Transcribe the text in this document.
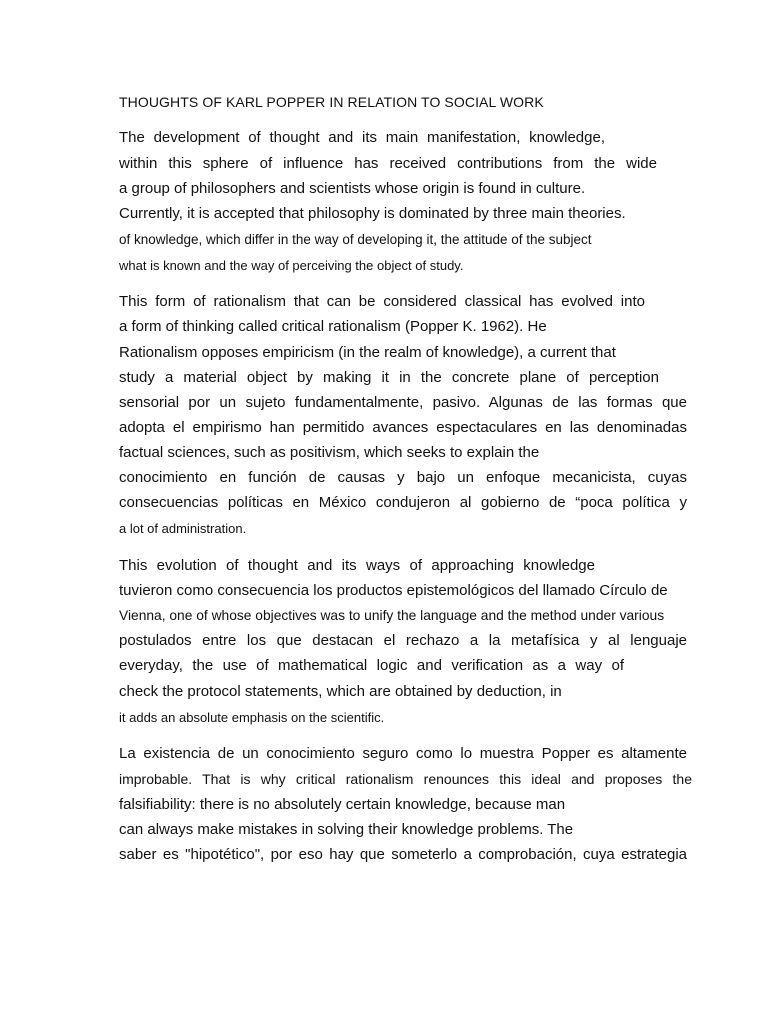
THOUGHTS OF KARL POPPER IN RELATION TO SOCIAL WORK
The development of thought and its main manifestation, knowledge,
within this sphere of influence has received contributions from the wide
a group of philosophers and scientists whose origin is found in culture.
Currently, it is accepted that philosophy is dominated by three main theories.
of knowledge, which differ in the way of developing it, the attitude of the subject
what is known and the way of perceiving the object of study.
This form of rationalism that can be considered classical has evolved into
a form of thinking called critical rationalism (Popper K. 1962). He
Rationalism opposes empiricism (in the realm of knowledge), a current that
study a material object by making it in the concrete plane of perception
sensorial por un sujeto fundamentalmente, pasivo. Algunas de las formas que
adopta el empirismo han permitido avances espectaculares en las denominadas
factual sciences, such as positivism, which seeks to explain the
conocimiento en función de causas y bajo un enfoque mecanicista, cuyas
consecuencias políticas en México condujeron al gobierno de “poca política y
a lot of administration.
This evolution of thought and its ways of approaching knowledge
tuvieron como consecuencia los productos epistemológicos del llamado Círculo de
Vienna, one of whose objectives was to unify the language and the method under various
postulados entre los que destacan el rechazo a la metafísica y al lenguaje
everyday, the use of mathematical logic and verification as a way of
check the protocol statements, which are obtained by deduction, in
it adds an absolute emphasis on the scientific.
La existencia de un conocimiento seguro como lo muestra Popper es altamente
improbable. That is why critical rationalism renounces this ideal and proposes the
falsifiability: there is no absolutely certain knowledge, because man
can always make mistakes in solving their knowledge problems. The
saber es "hipotético", por eso hay que someterlo a comprobación, cuya estrategia
